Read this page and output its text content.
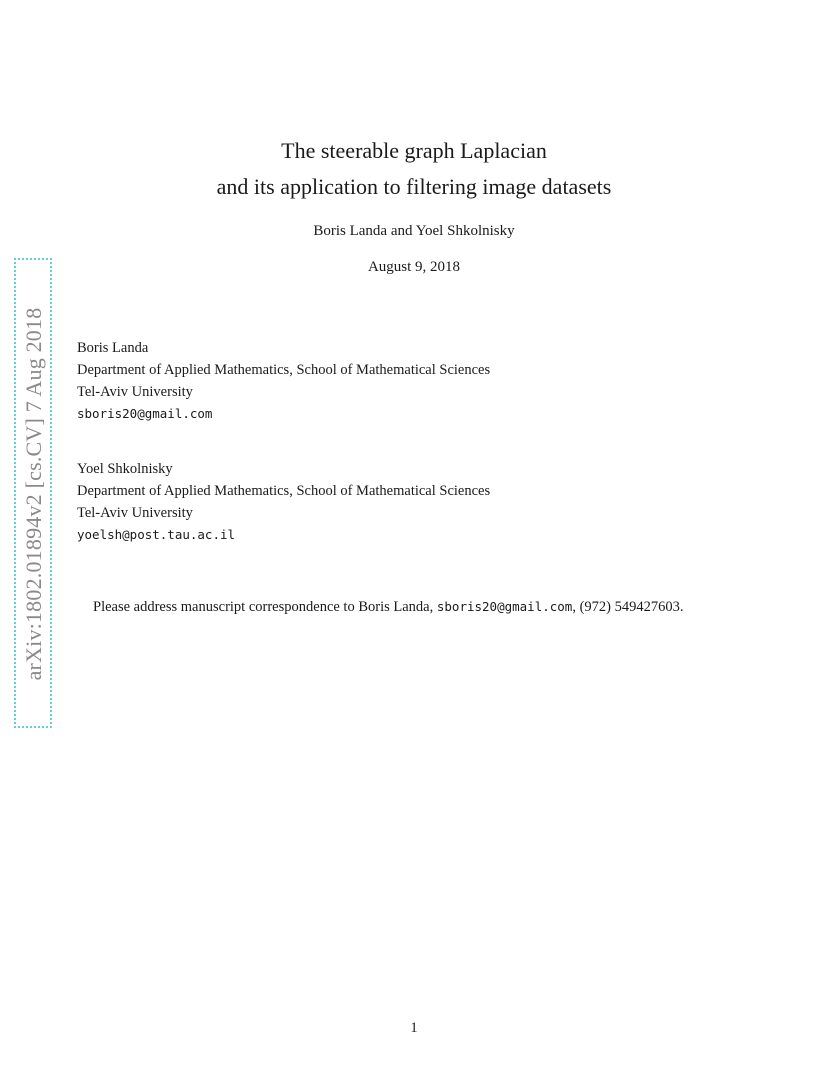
arXiv:1802.01894v2 [cs.CV] 7 Aug 2018
The steerable graph Laplacian
and its application to filtering image datasets
Boris Landa and Yoel Shkolnisky
August 9, 2018
Boris Landa
Department of Applied Mathematics, School of Mathematical Sciences
Tel-Aviv University
sboris20@gmail.com
Yoel Shkolnisky
Department of Applied Mathematics, School of Mathematical Sciences
Tel-Aviv University
yoelsh@post.tau.ac.il
Please address manuscript correspondence to Boris Landa, sboris20@gmail.com, (972) 549427603.
1
